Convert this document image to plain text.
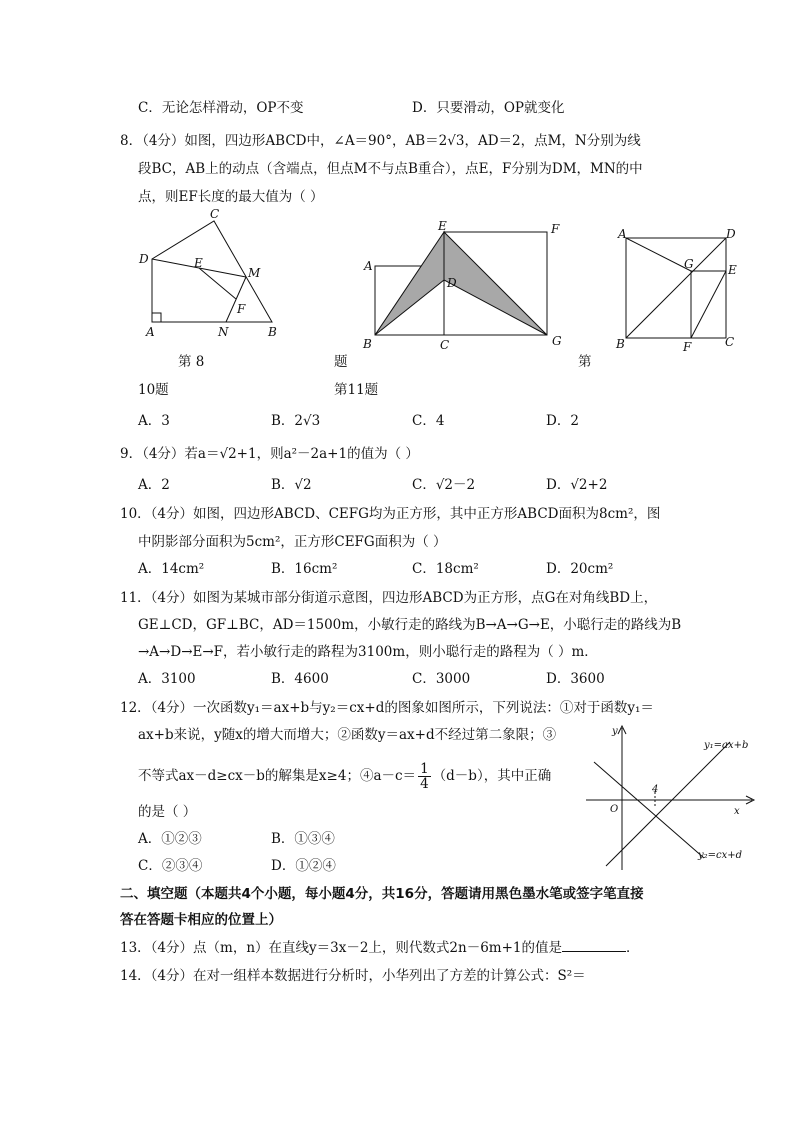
C．无论怎样滑动，OP不变	D．只要滑动，OP就变化
8．（4分）如图，四边形ABCD中，∠A＝90°，AB＝2√3，AD＝2，点M，N分别为线
段BC，AB上的动点（含端点，但点M不与点B重合），点E，F分别为DM，MN的中
点，则EF长度的最大值为（ ）
D
C
E
M
F
A	N	B
A
E	F
D
B	C	G
A	D
G	E
B	F	C
第 8	题	第
10题	第11题
A．3	B．2√3	C．4	D．2
9．（4分）若a＝√2+1，则a²－2a+1的值为（ ）
A．2	B．√2	C．√2－2	D．√2+2
10．（4分）如图，四边形ABCD、CEFG均为正方形，其中正方形ABCD面积为8cm²，图
中阴影部分面积为5cm²，正方形CEFG面积为（ ）
A．14cm²	B．16cm²	C．18cm²	D．20cm²
11．（4分）如图为某城市部分街道示意图，四边形ABCD为正方形，点G在对角线BD上，
GE⊥CD，GF⊥BC，AD＝1500m，小敏行走的路线为B→A→G→E，小聪行走的路线为B
→A→D→E→F，若小敏行走的路程为3100m，则小聪行走的路程为（ ）m．
A．3100	B．4600	C．3000	D．3600
12．（4分）一次函数y₁＝ax+b与y₂＝cx+d的图象如图所示，下列说法：①对于函数y₁＝
ax+b来说，y随x的增大而增大；②函数y＝ax+d不经过第二象限；③
不等式ax－d≥cx－b的解集是x≥4；④a－c＝ $\frac{1}{4} (d-b)$，其中正确
的是（ ）
A．①②③	B．①③④
C．②③④	D．①②④
y
x
O
4
y₁=ax+b
y₂=cx+d
二、填空题（本题共4个小题，每小题4分，共16分，答题请用黑色墨水笔或签字笔直接
答在答题卡相应的位置上）
13．（4分）点（m，n）在直线y＝3x－2上，则代数式2n－6m+1的值是	．
14．（4分）在对一组样本数据进行分析时，小华列出了方差的计算公式：S²＝
